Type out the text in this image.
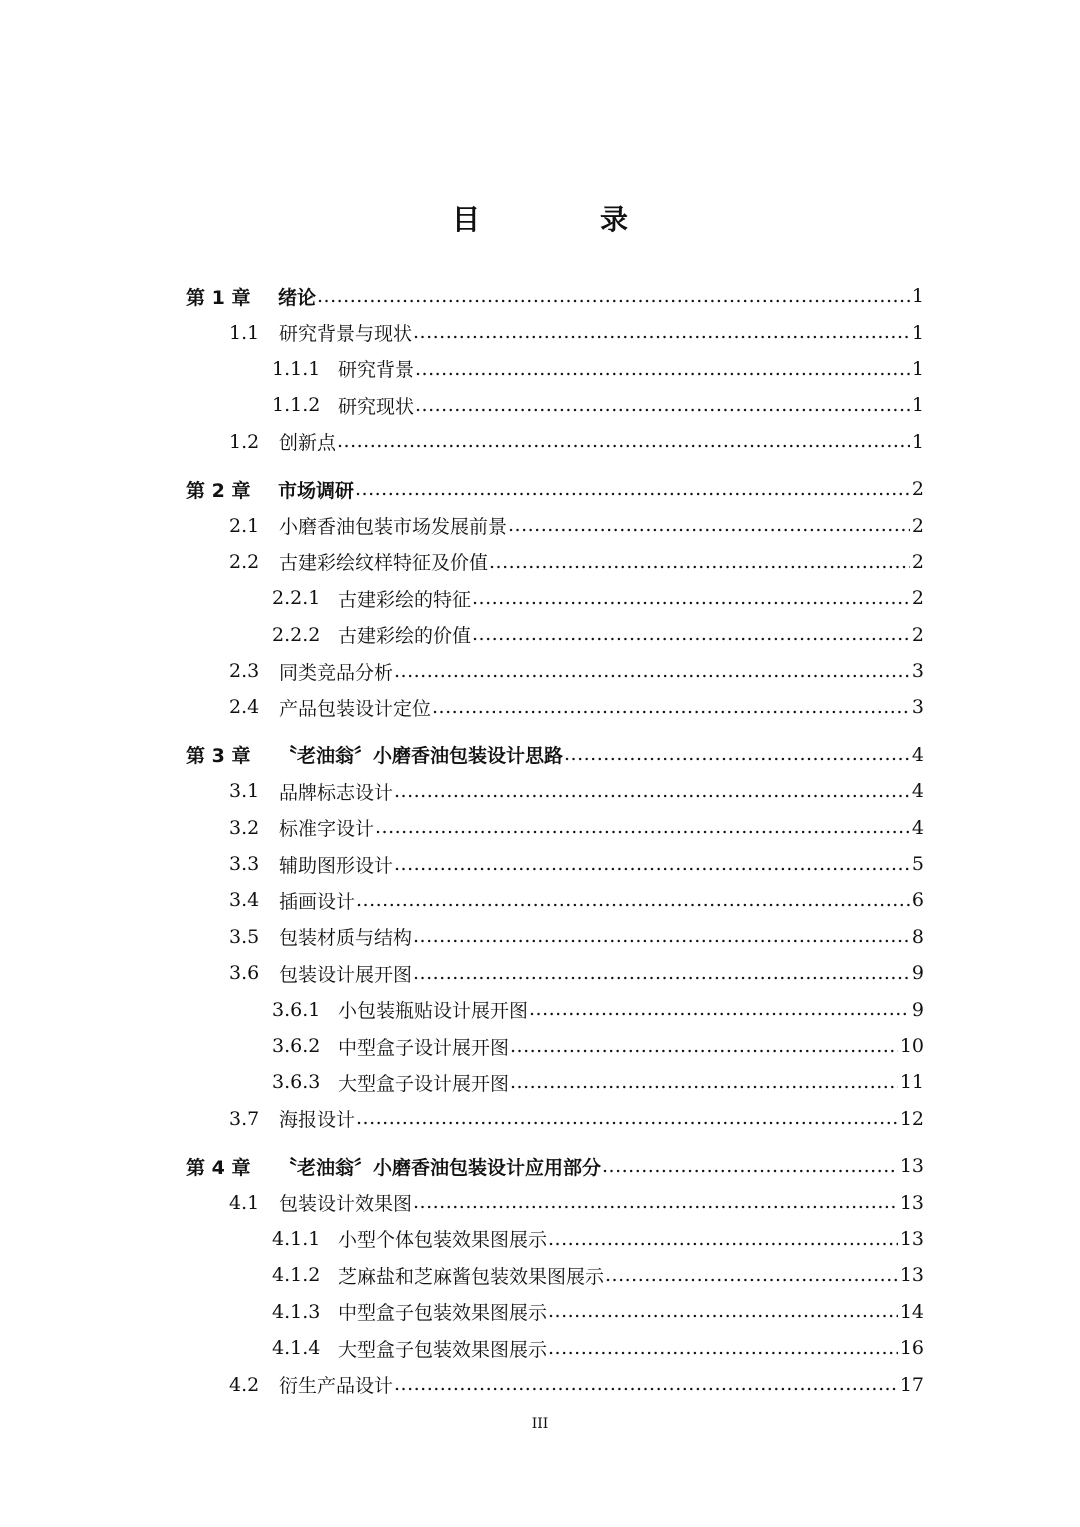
目　录
第 1 章	绪论 .....	1
1.1	研究背景与现状 .....	1
1.1.1 研究背景 .....	1
1.1.2 研究现状 .....	1
1.2	创新点 .....	1
第 2 章	市场调研 .....	2
2.1	小磨香油包装市场发展前景 .....	2
2.2	古建彩绘纹样特征及价值 .....	2
2.2.1 古建彩绘的特征 .....	2
2.2.2 古建彩绘的价值 .....	2
2.3	同类竞品分析 .....	3
2.4	产品包装设计定位 .....	3
第 3 章	〝老油翁〞小磨香油包装设计思路 .....	4
3.1	品牌标志设计 .....	4
3.2	标准字设计 .....	4
3.3	辅助图形设计 .....	5
3.4	插画设计 .....	6
3.5	包装材质与结构 .....	8
3.6	包装设计展开图 .....	9
3.6.1 小包装瓶贴设计展开图 .....	9
3.6.2 中型盒子设计展开图 .....	10
3.6.3 大型盒子设计展开图 .....	11
3.7	海报设计 .....	12
第 4 章	〝老油翁〞小磨香油包装设计应用部分 .....	13
4.1	包装设计效果图 .....	13
4.1.1 小型个体包装效果图展示 .....	13
4.1.2 芝麻盐和芝麻酱包装效果图展示 .....	13
4.1.3 中型盒子包装效果图展示 .....	14
4.1.4 大型盒子包装效果图展示 .....	16
4.2	衍生产品设计 .....	17
III
